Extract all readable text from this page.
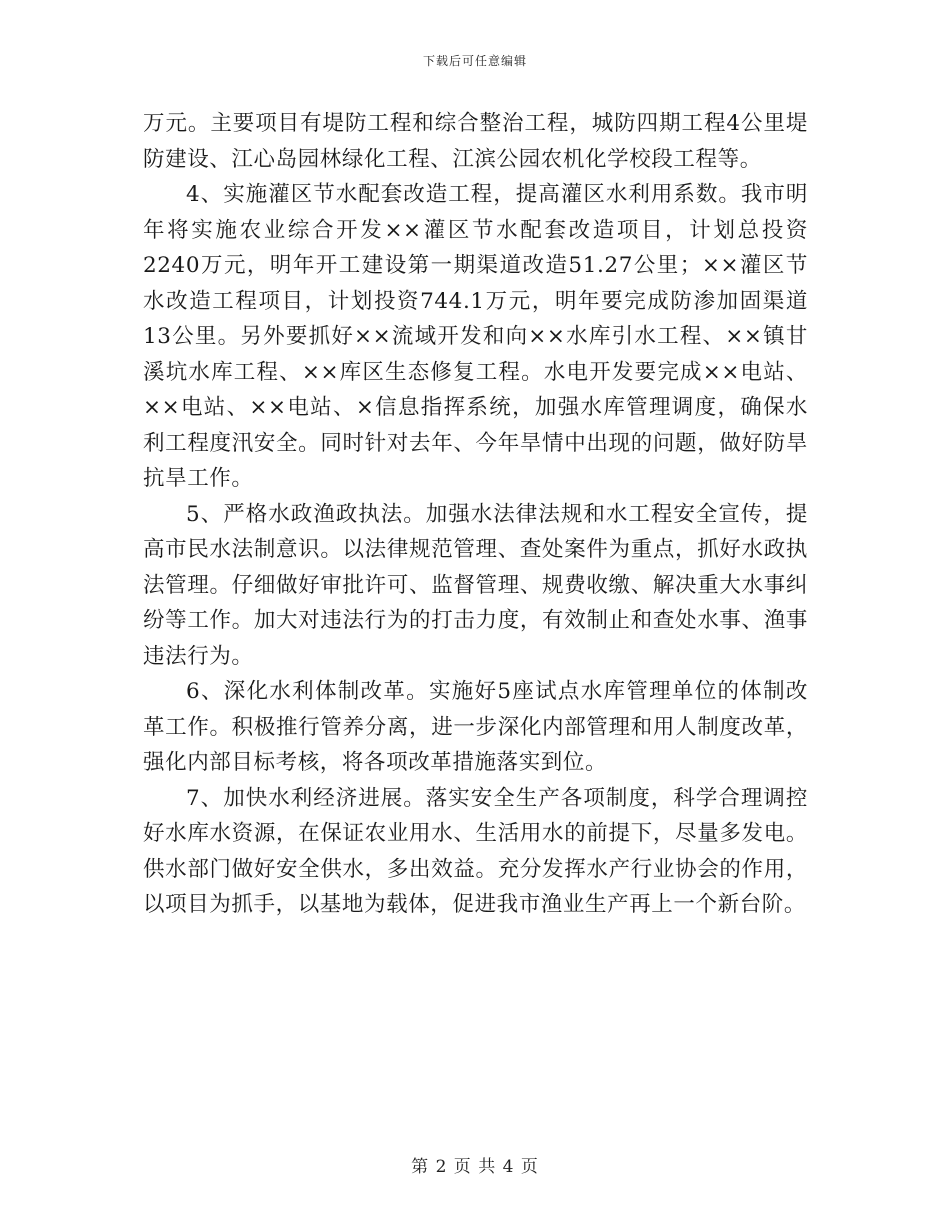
下载后可任意编辑

万元。主要项目有堤防工程和综合整治工程，城防四期工程4公里堤防建设、江心岛园林绿化工程、江滨公园农机化学校段工程等。

4、实施灌区节水配套改造工程，提高灌区水利用系数。我市明年将实施农业综合开发××灌区节水配套改造项目，计划总投资2240万元，明年开工建设第一期渠道改造51.27公里；××灌区节水改造工程项目，计划投资744.1万元，明年要完成防渗加固渠道13公里。另外要抓好××流域开发和向××水库引水工程、××镇甘溪坑水库工程、××库区生态修复工程。水电开发要完成××电站、××电站、××电站、×信息指挥系统，加强水库管理调度，确保水利工程度汛安全。同时针对去年、今年旱情中出现的问题，做好防旱抗旱工作。

5、严格水政渔政执法。加强水法律法规和水工程安全宣传，提高市民水法制意识。以法律规范管理、查处案件为重点，抓好水政执法管理。仔细做好审批许可、监督管理、规费收缴、解决重大水事纠纷等工作。加大对违法行为的打击力度，有效制止和查处水事、渔事违法行为。

6、深化水利体制改革。实施好5座试点水库管理单位的体制改革工作。积极推行管养分离，进一步深化内部管理和用人制度改革，强化内部目标考核，将各项改革措施落实到位。

7、加快水利经济进展。落实安全生产各项制度，科学合理调控好水库水资源，在保证农业用水、生活用水的前提下，尽量多发电。供水部门做好安全供水，多出效益。充分发挥水产行业协会的作用，以项目为抓手，以基地为载体，促进我市渔业生产再上一个新台阶。

第 2 页 共 4 页
